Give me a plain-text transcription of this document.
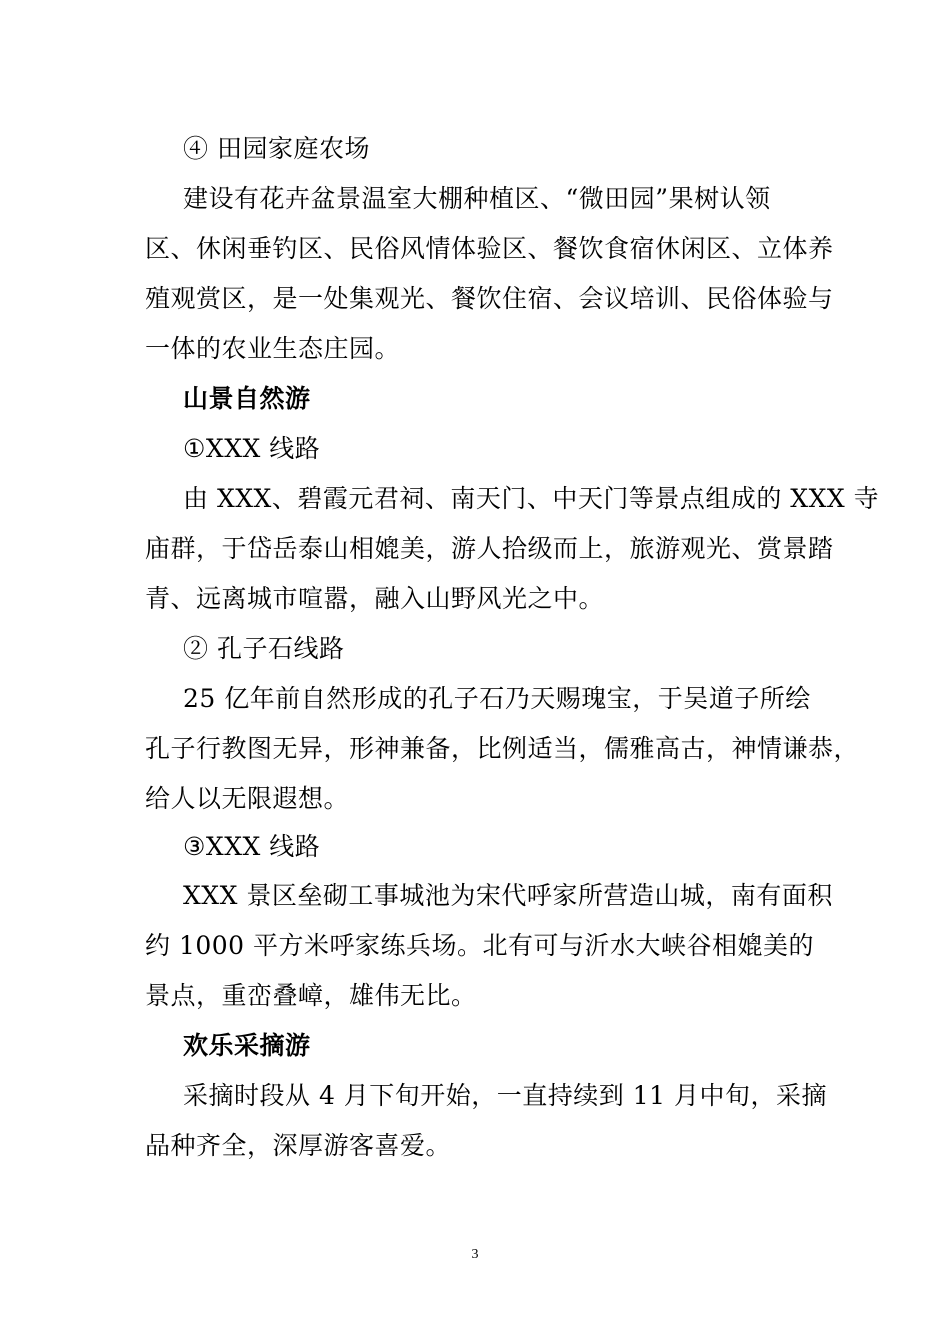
④ 田园家庭农场
建设有花卉盆景温室大棚种植区、“微田园”果树认领
区、休闲垂钓区、民俗风情体验区、餐饮食宿休闲区、立体养
殖观赏区，是一处集观光、餐饮住宿、会议培训、民俗体验与
一体的农业生态庄园。
山景自然游
①XXX 线路
由 XXX、碧霞元君祠、南天门、中天门等景点组成的 XXX 寺
庙群，于岱岳泰山相媲美，游人拾级而上，旅游观光、赏景踏
青、远离城市喧嚣，融入山野风光之中。
② 孔子石线路
25 亿年前自然形成的孔子石乃天赐瑰宝，于吴道子所绘
孔子行教图无异，形神兼备，比例适当，儒雅高古，神情谦恭，
给人以无限遐想。
③XXX 线路
XXX 景区垒砌工事城池为宋代呼家所营造山城，南有面积
约 1000 平方米呼家练兵场。北有可与沂水大峡谷相媲美的
景点，重峦叠嶂，雄伟无比。
欢乐采摘游
采摘时段从 4 月下旬开始，一直持续到 11 月中旬，采摘
品种齐全，深厚游客喜爱。
3
